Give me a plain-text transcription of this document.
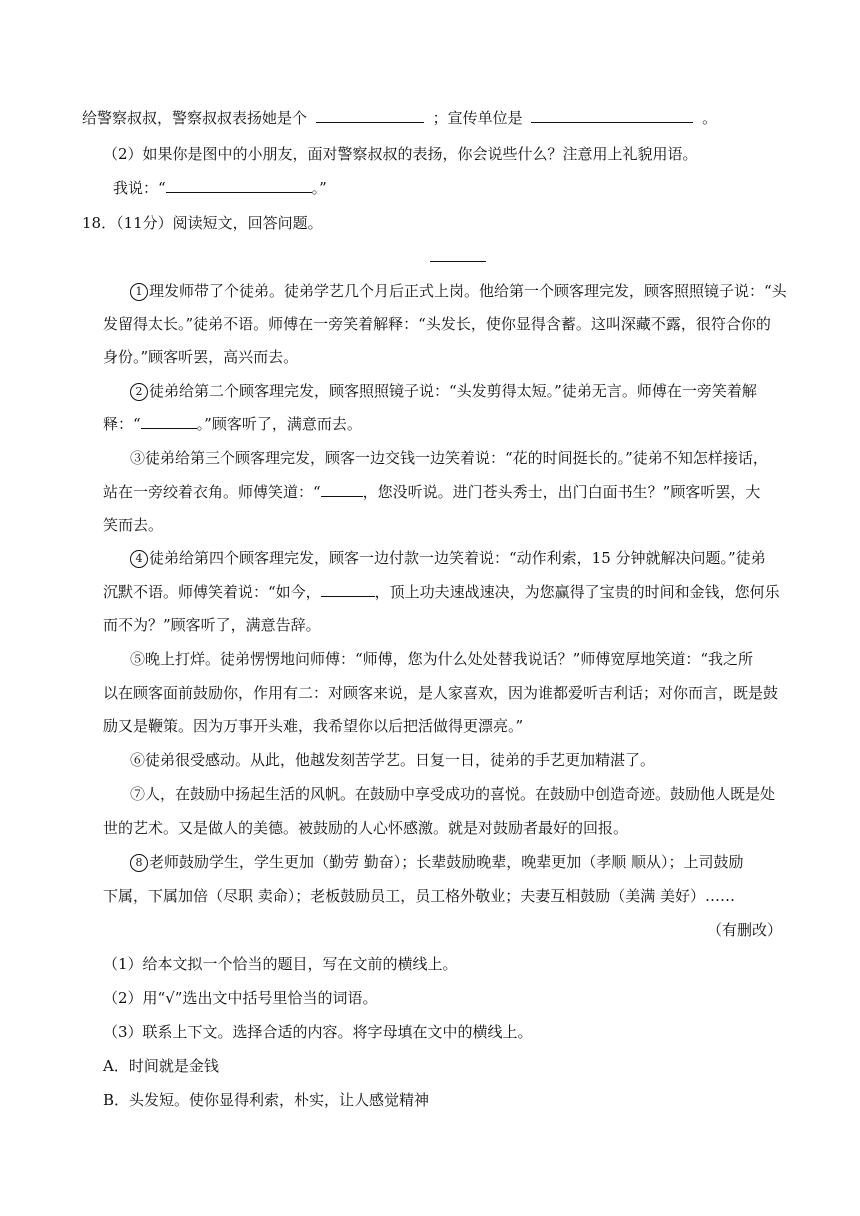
给警察叔叔，警察叔叔表扬她是个	；宣传单位是	。
（2）如果你是图中的小朋友，面对警察叔叔的表扬，你会说些什么？注意用上礼貌用语。
我说：“	。”
18．（11分）阅读短文，回答问题。
1 理发师带了个徒弟。徒弟学艺几个月后正式上岗。他给第一个顾客理完发，顾客照照镜子说：“头
发留得太长。”徒弟不语。师傅在一旁笑着解释：“头发长，使你显得含蓄。这叫深藏不露，很符合你的
身份。”顾客听罢，高兴而去。
2 徒弟给第二个顾客理完发，顾客照照镜子说：“头发剪得太短。”徒弟无言。师傅在一旁笑着解
释：“	。”顾客听了，满意而去。
③徒弟给第三个顾客理完发，顾客一边交钱一边笑着说：“花的时间挺长的。”徒弟不知怎样接话，
站在一旁绞着衣角。师傅笑道：“	，您没听说。进门苍头秀士，出门白面书生？”顾客听罢，大
笑而去。
4 徒弟给第四个顾客理完发，顾客一边付款一边笑着说：“动作利索，15 分钟就解决问题。”徒弟
沉默不语。师傅笑着说：“如今，	，顶上功夫速战速决，为您赢得了宝贵的时间和金钱，您何乐
而不为？”顾客听了，满意告辞。
⑤晚上打烊。徒弟愣愣地问师傅：“师傅，您为什么处处替我说话？”师傅宽厚地笑道：“我之所
以在顾客面前鼓励你，作用有二：对顾客来说，是人家喜欢，因为谁都爱听吉利话；对你而言，既是鼓
励又是鞭策。因为万事开头难，我希望你以后把活做得更漂亮。”
⑥徒弟很受感动。从此，他越发刻苦学艺。日复一日，徒弟的手艺更加精湛了。
⑦人，在鼓励中扬起生活的风帆。在鼓励中享受成功的喜悦。在鼓励中创造奇迹。鼓励他人既是处
世的艺术。又是做人的美德。被鼓励的人心怀感激。就是对鼓励者最好的回报。
8 老师鼓励学生，学生更加（勤劳 勤奋）；长辈鼓励晚辈，晚辈更加（孝顺 顺从）；上司鼓励
下属，下属加倍（尽职 卖命）；老板鼓励员工，员工格外敬业；夫妻互相鼓励（美满 美好）……
（有删改）
（1）给本文拟一个恰当的题目，写在文前的横线上。
（2）用“√”选出文中括号里恰当的词语。
（3）联系上下文。选择合适的内容。将字母填在文中的横线上。
A．时间就是金钱
B．头发短。使你显得利索，朴实，让人感觉精神
